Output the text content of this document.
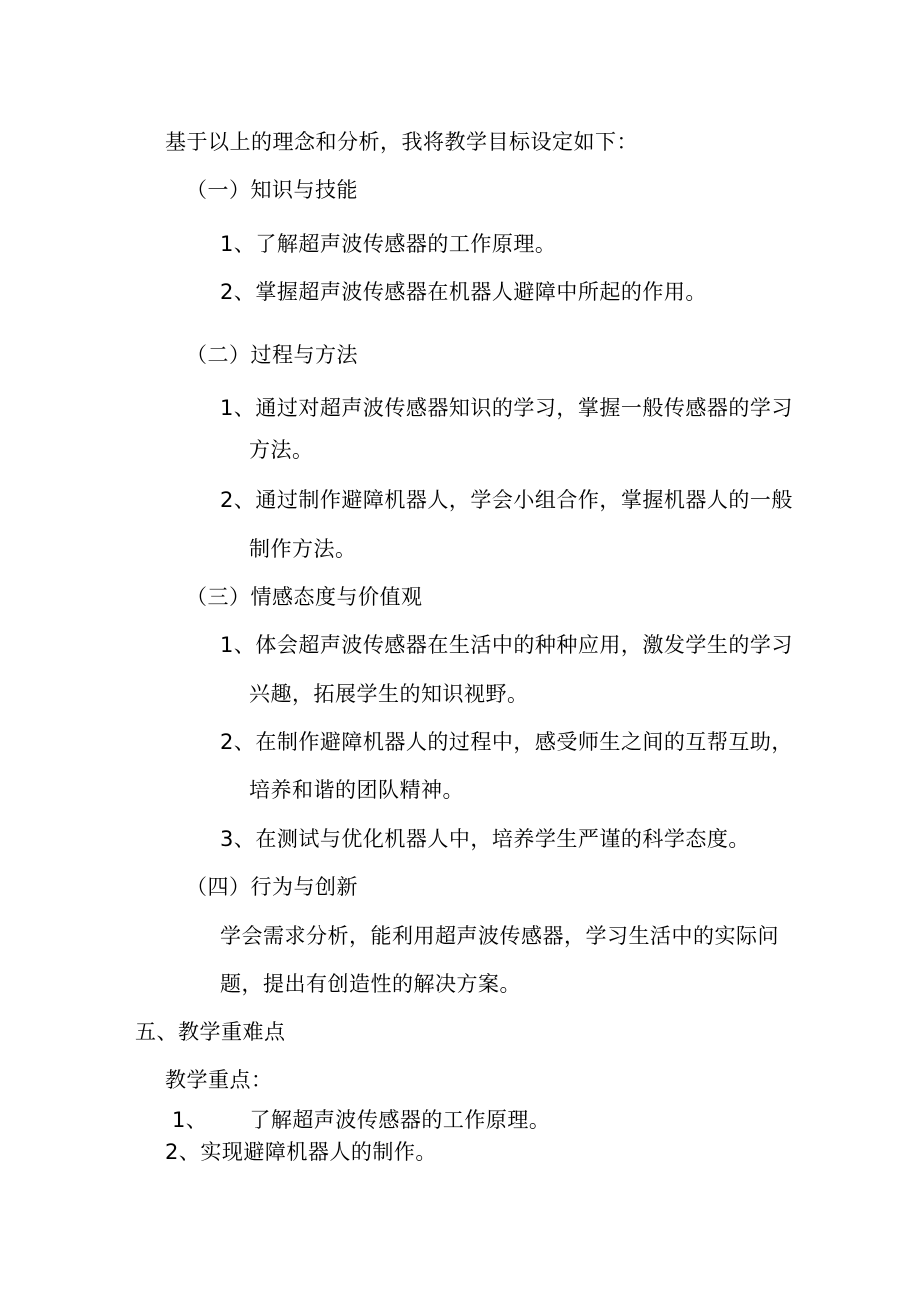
基于以上的理念和分析，我将教学目标设定如下：
（一）知识与技能
1、了解超声波传感器的工作原理。
2、掌握超声波传感器在机器人避障中所起的作用。
（二）过程与方法
1、通过对超声波传感器知识的学习，掌握一般传感器的学习
方法。
2、通过制作避障机器人，学会小组合作，掌握机器人的一般
制作方法。
（三）情感态度与价值观
1、体会超声波传感器在生活中的种种应用，激发学生的学习
兴趣，拓展学生的知识视野。
2、在制作避障机器人的过程中，感受师生之间的互帮互助，
培养和谐的团队精神。
3、在测试与优化机器人中，培养学生严谨的科学态度。
（四）行为与创新
学会需求分析，能利用超声波传感器，学习生活中的实际问
题，提出有创造性的解决方案。
五、教学重难点
教学重点：
1、 了解超声波传感器的工作原理。
2、实现避障机器人的制作。
